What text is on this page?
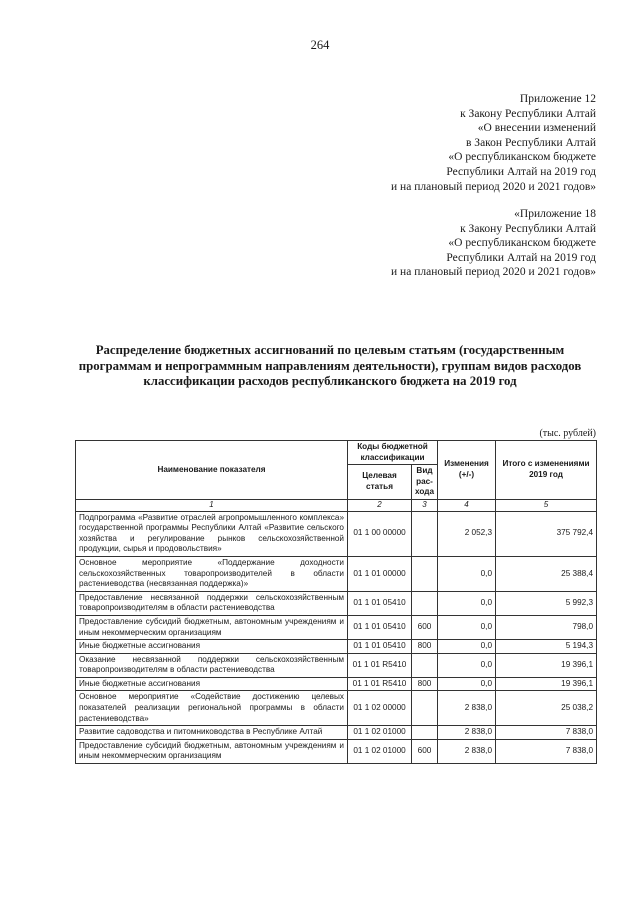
264
Приложение 12
к Закону Республики Алтай
«О внесении изменений
в Закон Республики Алтай
«О республиканском бюджете
Республики Алтай на 2019 год
и на плановый период 2020 и 2021 годов»
«Приложение 18
к Закону Республики Алтай
«О республиканском бюджете
Республики Алтай на 2019 год
и на плановый период 2020 и 2021 годов»
Распределение бюджетных ассигнований по целевым статьям (государственным программам и непрограммным направлениям деятельности), группам видов расходов классификации расходов республиканского бюджета на 2019 год
(тыс. рублей)
Наименование показателя	Коды бюджетной классификации		Изменения (+/-)	Итого с изменениями 2019 год
	Целевая статья	Вид рас-хода		
1	2	3	4	5
Подпрограмма «Развитие отраслей агропромышленного комплекса» государственной программы Республики Алтай «Развитие сельского хозяйства и регулирование рынков сельскохозяйственной продукции, сырья и продовольствия»	01 1 00 00000		2 052,3	375 792,4
Основное мероприятие «Поддержание доходности сельскохозяйственных товаропроизводителей в области растениеводства (несвязанная поддержка)»	01 1 01 00000		0,0	25 388,4
Предоставление несвязанной поддержки сельскохозяйственным товаропроизводителям в области растениеводства	01 1 01 05410		0,0	5 992,3
Предоставление субсидий бюджетным, автономным учреждениям и иным некоммерческим организациям	01 1 01 05410	600	0,0	798,0
Иные бюджетные ассигнования	01 1 01 05410	800	0,0	5 194,3
Оказание несвязанной поддержки сельскохозяйственным товаропроизводителям в области растениеводства	01 1 01 R5410		0,0	19 396,1
Иные бюджетные ассигнования	01 1 01 R5410	800	0,0	19 396,1
Основное мероприятие «Содействие достижению целевых показателей реализации региональной программы в области растениеводства»	01 1 02 00000		2 838,0	25 038,2
Развитие садоводства и питомниководства в Республике Алтай	01 1 02 01000		2 838,0	7 838,0
Предоставление субсидий бюджетным, автономным учреждениям и иным некоммерческим организациям	01 1 02 01000	600	2 838,0	7 838,0
